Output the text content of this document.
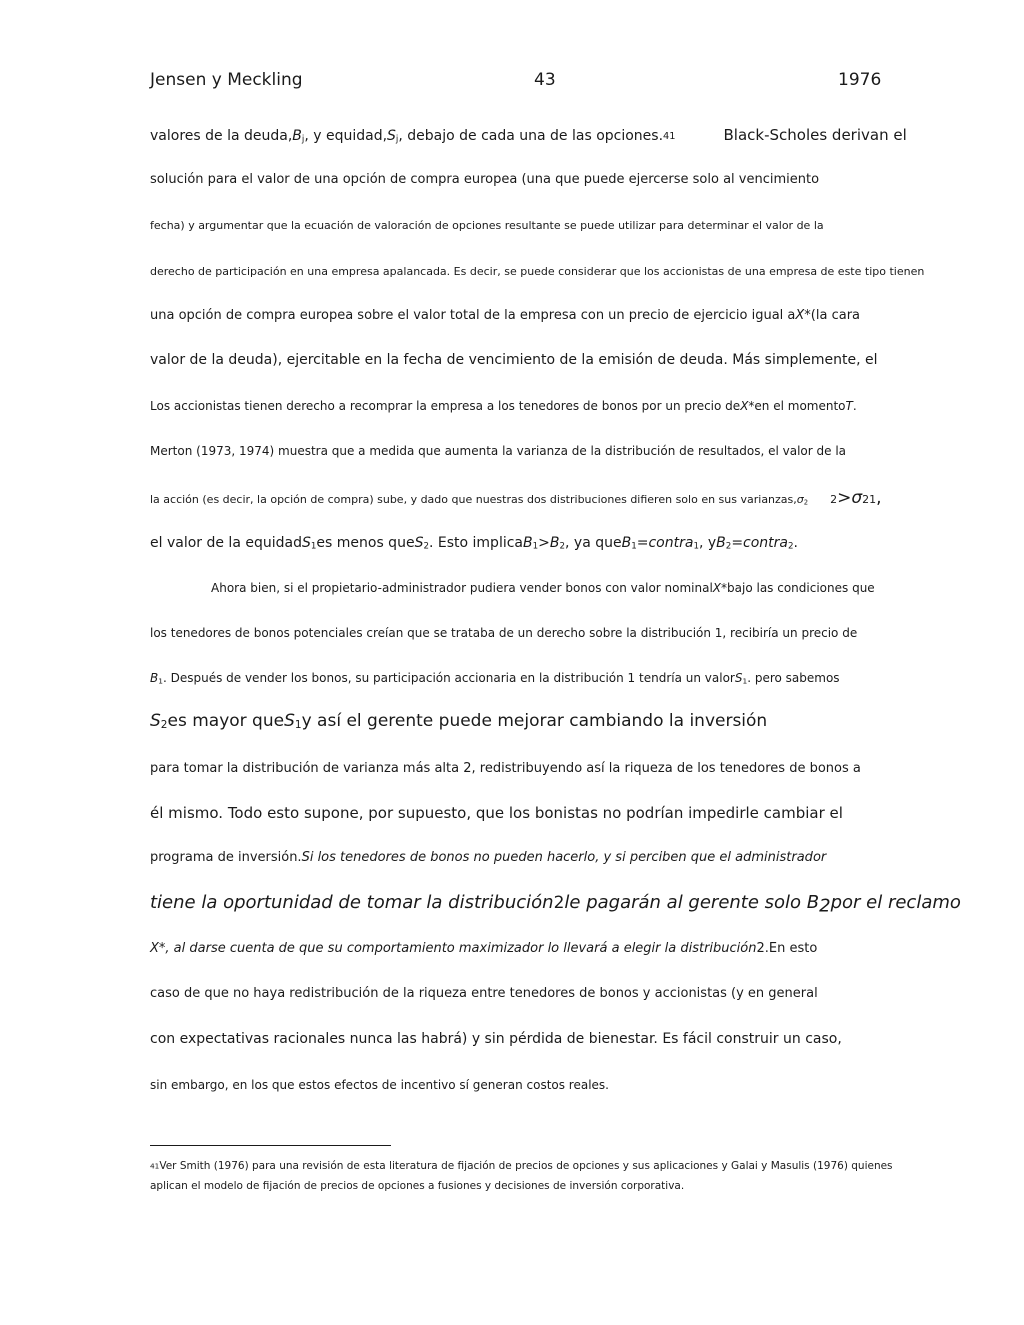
Jensen y Meckling	43	1976
valores de la $deuda,B_j$, y $equidad,S_j$, debajo de cada una de las opciones.41	Black-Scholes derivan el
solución para el valor de una opción de compra europea (una que puede ejercerse solo al vencimiento
fecha) y argumentar que la ecuación de valoración de opciones resultante se puede utilizar para determinar el valor de la
derecho de participación en una empresa apalancada. Es decir, se puede considerar que los accionistas de una empresa de este tipo tienen
una opción de compra europea sobre el valor total de la empresa con un precio de ejercicio igual aX*(la cara
valor de la deuda), ejercitable en la fecha de vencimiento de la emisión de deuda. Más simplemente, el
Los accionistas tienen derecho a recomprar la empresa a los tenedores de bonos por un precio deX*en el momentoT.
Merton (1973, 1974) muestra que a medida que aumenta la varianza de la distribución de resultados, el valor de la
la acción (es decir, la opción de compra) sube, y dado que nuestras dos distribuciones difieren solo en sus $varianzas,\sigma_2$ 2>σ21,
el valor de la equidadS$_1$es menos queS$_2$. Esto $implicaB_1>B_2$, ya queB$_1$=contra$_1$, $yB_2=contra_2$.
Ahora bien, si el propietario-administrador pudiera vender bonos con valor nominalX*bajo las condiciones que
los tenedores de bonos potenciales creían que se trataba de un derecho sobre la distribución 1, recibiría un precio de
B1. Después de vender los bonos, su participación accionaria en la distribución 1 tendría un valorS1. pero sabemos
$S_2es$ mayor queS$_1$y así el gerente puede mejorar cambiando la inversión
para tomar la distribución de varianza más alta 2, redistribuyendo así la riqueza de los tenedores de bonos a
él mismo. Todo esto supone, por supuesto, que los bonistas no podrían impedirle cambiar el
programa de inversión.Si los tenedores de bonos no pueden hacerlo, y si perciben que el administrador
tiene la oportunidad de tomar la distribución2le pagarán al gerente solo B2por el reclamo
X*, al darse cuenta de que su comportamiento maximizador lo llevará a elegir la distribución2.En esto
caso de que no haya redistribución de la riqueza entre tenedores de bonos y accionistas (y en general
con expectativas racionales nunca las habrá) y sin pérdida de bienestar. Es fácil construir un caso,
sin embargo, en los que estos efectos de incentivo sí generan costos reales.
41Ver Smith (1976) para una revisión de esta literatura de fijación de precios de opciones y sus aplicaciones y Galai y Masulis (1976) quienes
aplican el modelo de fijación de precios de opciones a fusiones y decisiones de inversión corporativa.
